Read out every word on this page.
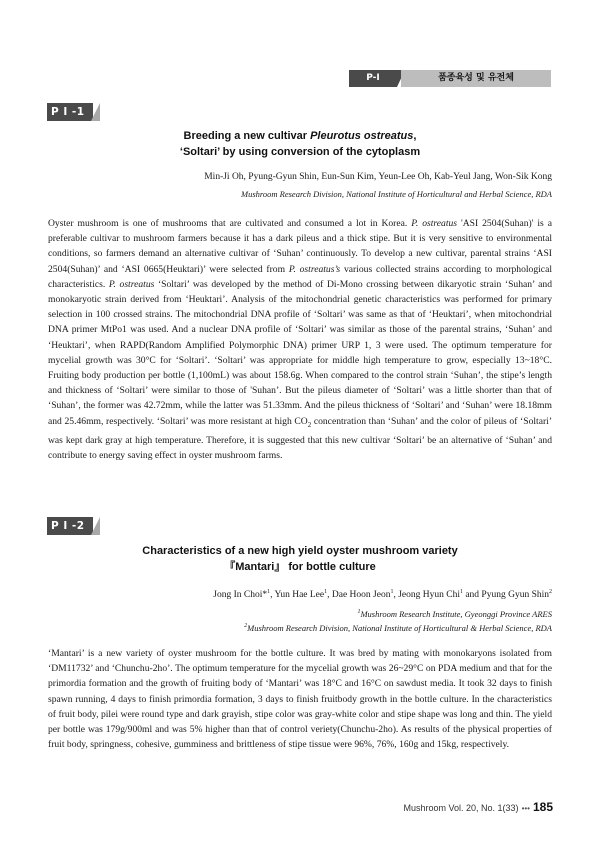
P-I	품종육성 및 유전체
P I -1
Breeding a new cultivar Pleurotus ostreatus,
‘Soltari’ by using conversion of the cytoplasm
Min-Ji Oh, Pyung-Gyun Shin, Eun-Sun Kim, Yeun-Lee Oh, Kab-Yeul Jang, Won-Sik Kong
Mushroom Research Division, National Institute of Horticultural and Herbal Science, RDA
Oyster mushroom is one of mushrooms that are cultivated and consumed a lot in Korea. P. ostreatus 'ASI 2504(Suhan)' is a preferable cultivar to mushroom farmers because it has a dark pileus and a thick stipe. But it is very sensitive to environmental conditions, so farmers demand an alternative cultivar of ‘Suhan’ continuously. To develop a new cultivar, parental strains ‘ASI 2504(Suhan)’ and ‘ASI 0665(Heuktari)’ were selected from P. ostreatus’s various collected strains according to morphological characteristics. P. ostreatus ‘Soltari’ was developed by the method of Di-Mono crossing between dikaryotic strain ‘Suhan’ and monokaryotic strain derived from ‘Heuktari’. Analysis of the mitochondrial genetic characteristics was performed for primary selection in 100 crossed strains. The mitochondrial DNA profile of ‘Soltari’ was same as that of ‘Heuktari’, when mitochondrial DNA primer MtPo1 was used. And a nuclear DNA profile of ‘Soltari’ was similar as those of the parental strains, ‘Suhan’ and ‘Heuktari’, when RAPD(Random Amplified Polymorphic DNA) primer URP 1, 3 were used. The optimum temperature for mycelial growth was 30°C for ‘Soltari’. ‘Soltari’ was appropriate for middle high temperature to grow, especially 13~18°C. Fruiting body production per bottle (1,100mL) was about 158.6g. When compared to the control strain ‘Suhan’, the stipe’s length and thickness of ‘Soltari’ were similar to those of 'Suhan’. But the pileus diameter of ‘Soltari’ was a little shorter than that of ‘Suhan’, the former was 42.72mm, while the latter was 51.33mm. And the pileus thickness of ‘Soltari’ and ‘Suhan’ were 18.18mm and 25.46mm, respectively. ‘Soltari’ was more resistant at high $CO_2$ concentration than ‘Suhan’ and the color of pileus of ‘Soltari’ was kept dark gray at high temperature. Therefore, it is suggested that this new cultivar ‘Soltari’ be an alternative of ‘Suhan’ and contribute to energy saving effect in oyster mushroom farms.
P I -2
Characteristics of a new high yield oyster mushroom variety
『Mantari』 for bottle culture
Jong In Choi*$^1$, Yun Hae Lee$^1$, Dae Hoon Jeon$^1$, Jeong Hyun Chi$^1$ and Pyung Gyun Shin$^2$
$^1$Mushroom Research Institute, Gyeonggi Province ARES
$^2$Mushroom Research Division, National Institute of Horticultural & Herbal Science, RDA
‘Mantari’ is a new variety of oyster mushroom for the bottle culture. It was bred by mating with monokaryons isolated from ‘DM11732’ and ‘Chunchu-2ho’. The optimum temperature for the mycelial growth was 26~29°C on PDA medium and that for the primordia formation and the growth of fruiting body of ‘Mantari’ was 18°C and 16°C on sawdust media. It took 32 days to finish spawn running, 4 days to finish primordia formation, 3 days to finish fruitbody growth in the bottle culture. In the characteristics of fruit body, pilei were round type and dark grayish, stipe color was gray-white color and stipe shape was long and thin. The yield per bottle was 179g/900ml and was 5% higher than that of control veriety(Chunchu-2ho). As results of the physical properties of fruit body, springness, cohesive, gumminess and brittleness of stipe tissue were 96%, 76%, 160g and 15kg, respectively.
Mushroom Vol. 20, No. 1(33) ••• 185
